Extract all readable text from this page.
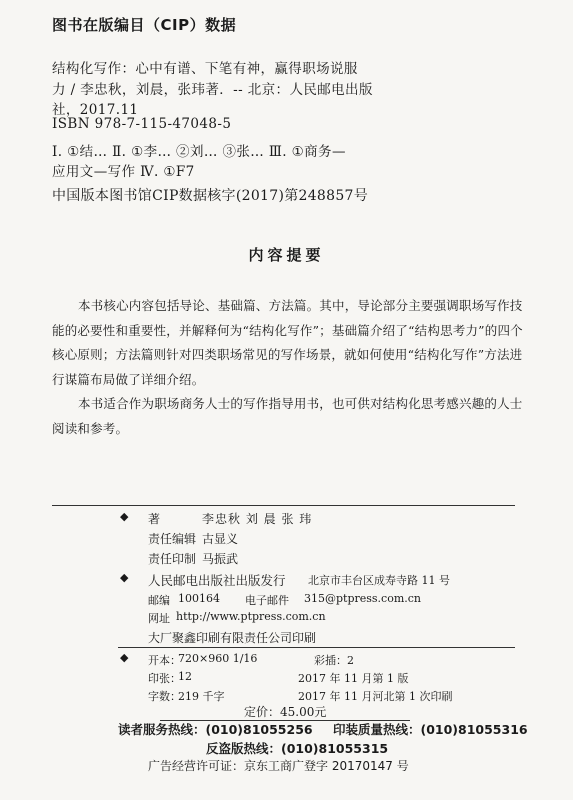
图书在版编目（CIP）数据
结构化写作：心中有谱、下笔有神，赢得职场说服
力 / 李忠秋，刘晨，张玮著．-- 北京：人民邮电出版
社，2017.11
ISBN 978-7-115-47048-5
Ⅰ. ①结… Ⅱ. ①李… ②刘… ③张… Ⅲ. ①商务—
应用文—写作 Ⅳ. ①F7
中国版本图书馆CIP数据核字(2017)第248857号
内容提要
本书核心内容包括导论、基础篇、方法篇。其中，导论部分主要强调职场写作技能的必要性和重要性，并解释何为“结构化写作”；基础篇介绍了“结构思考力”的四个核心原则；方法篇则针对四类职场常见的写作场景，就如何使用“结构化写作”方法进行谋篇布局做了详细介绍。
本书适合作为职场商务人士的写作指导用书，也可供对结构化思考感兴趣的人士阅读和参考。
◆ 著	李忠秋 刘 晨 张 玮
责任编辑 古显义
责任印制 马振武
◆ 人民邮电出版社出版发行 北京市丰台区成寿寺路 11 号
邮编 100164 电子邮件 315@ptpress.com.cn
网址 http://www.ptpress.com.cn
大厂聚鑫印刷有限责任公司印刷
◆ 开本：
720×960 1/16	彩插：2
印张：
12	2017 年 11 月第 1 版
字数：
219 千字	2017 年 11 月河北第 1 次印刷
定价：45.00元
读者服务热线：(010)81055256 印装质量热线：(010)81055316
反盗版热线：(010)81055315
广告经营许可证：京东工商广登字 20170147 号
